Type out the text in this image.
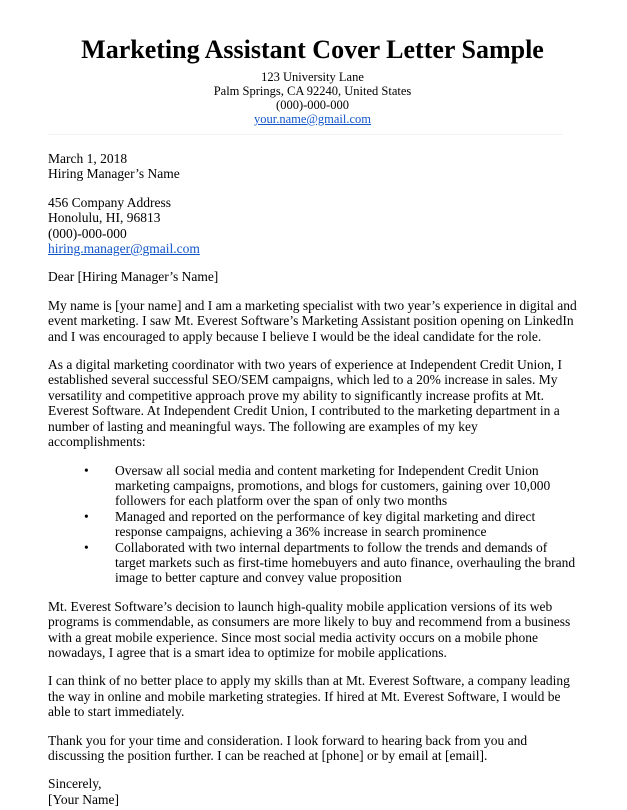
Marketing Assistant Cover Letter Sample
123 University Lane
Palm Springs, CA 92240, United States
(000)-000-000
your.name@gmail.com
March 1, 2018
Hiring Manager’s Name
456 Company Address
Honolulu, HI, 96813
(000)-000-000
hiring.manager@gmail.com

Dear [Hiring Manager’s Name]

My name is [your name] and I am a marketing specialist with two year’s experience in digital and event marketing. I saw Mt. Everest Software’s Marketing Assistant position opening on LinkedIn and I was encouraged to apply because I believe I would be the ideal candidate for the role.

As a digital marketing coordinator with two years of experience at Independent Credit Union, I established several successful SEO/SEM campaigns, which led to a 20% increase in sales. My versatility and competitive approach prove my ability to significantly increase profits at Mt. Everest Software. At Independent Credit Union, I contributed to the marketing department in a number of lasting and meaningful ways. The following are examples of my key accomplishments:

• Oversaw all social media and content marketing for Independent Credit Union marketing campaigns, promotions, and blogs for customers, gaining over 10,000 followers for each platform over the span of only two months
• Managed and reported on the performance of key digital marketing and direct response campaigns, achieving a 36% increase in search prominence
• Collaborated with two internal departments to follow the trends and demands of target markets such as first-time homebuyers and auto finance, overhauling the brand image to better capture and convey value proposition

Mt. Everest Software’s decision to launch high-quality mobile application versions of its web programs is commendable, as consumers are more likely to buy and recommend from a business with a great mobile experience. Since most social media activity occurs on a mobile phone nowadays, I agree that is a smart idea to optimize for mobile applications.

I can think of no better place to apply my skills than at Mt. Everest Software, a company leading the way in online and mobile marketing strategies. If hired at Mt. Everest Software, I would be able to start immediately.

Thank you for your time and consideration. I look forward to hearing back from you and discussing the position further. I can be reached at [phone] or by email at [email].

Sincerely,
[Your Name]
